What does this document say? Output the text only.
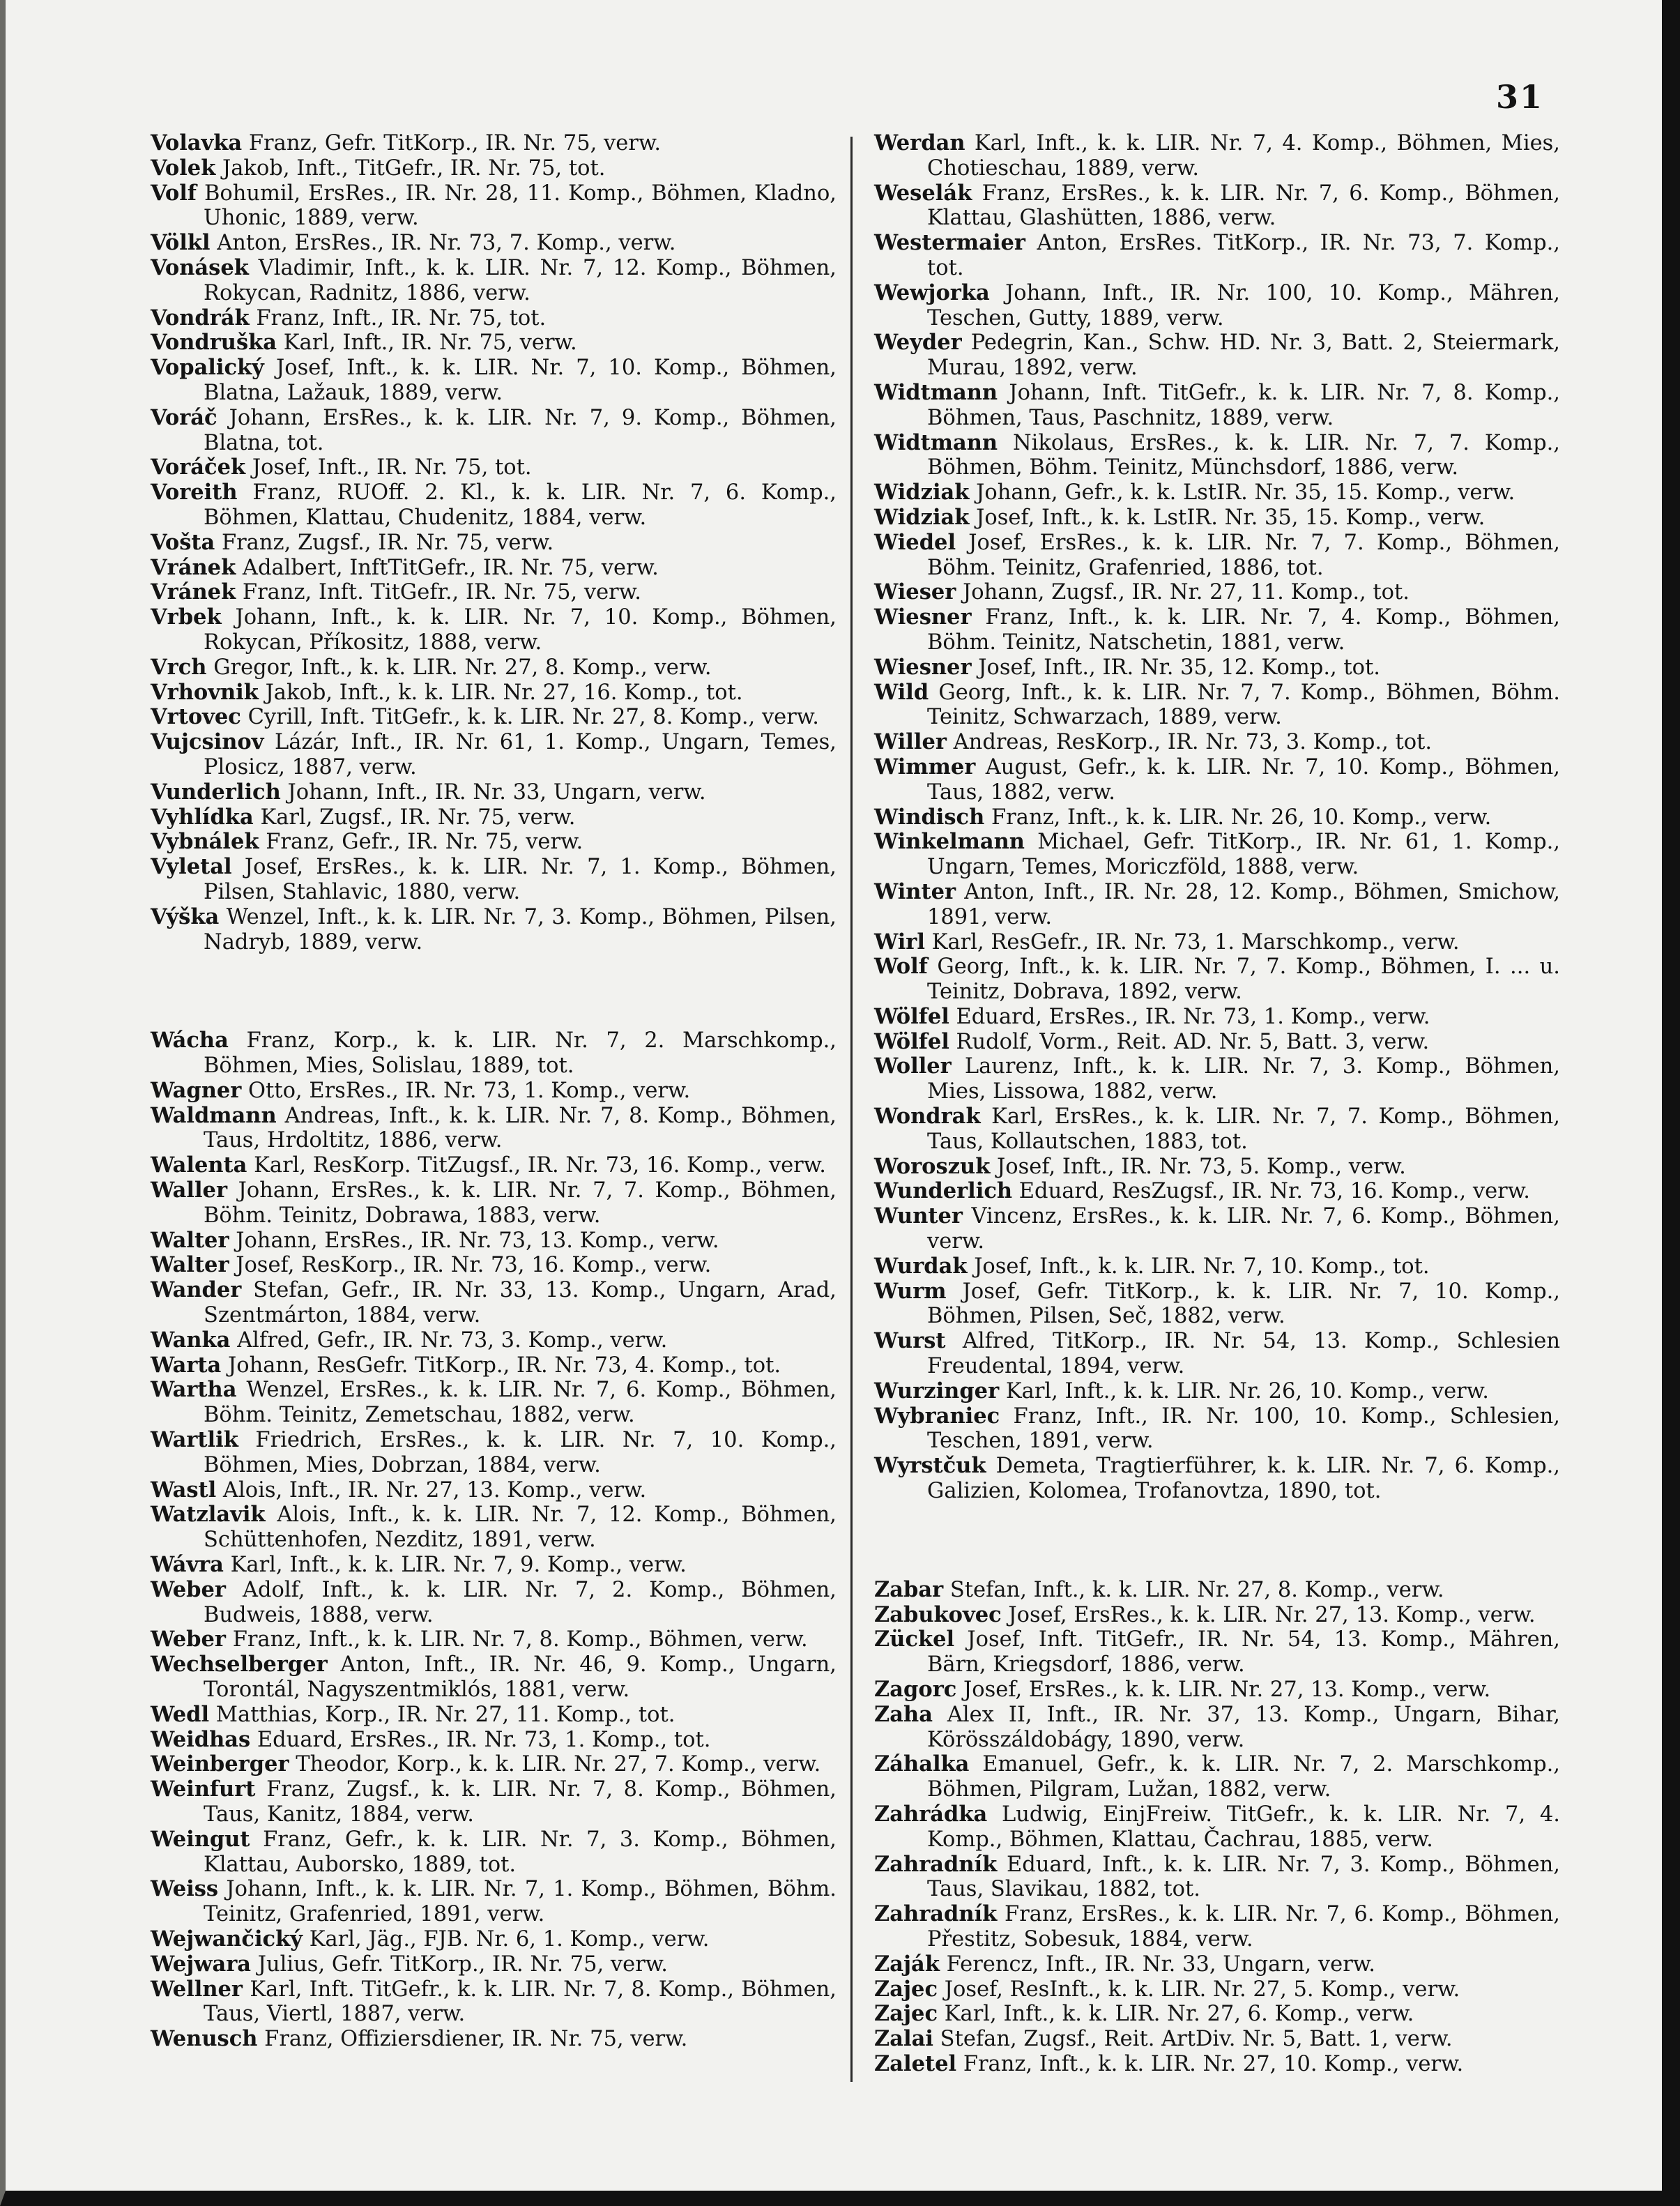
31

Volavka Franz, Gefr. TitKorp., IR. Nr. 75, verw.

Volek Jakob, Inft., TitGefr., IR. Nr. 75, tot.

Volf Bohumil, ErsRes., IR. Nr. 28, 11. Komp., Böhmen, Kladno, Uhonic, 1889, verw.

Völkl Anton, ErsRes., IR. Nr. 73, 7. Komp., verw.

Vonásek Vladimir, Inft., k. k. LIR. Nr. 7, 12. Komp., Böhmen, Rokycan, Radnitz, 1886, verw.

Vondrák Franz, Inft., IR. Nr. 75, tot.

Vondruška Karl, Inft., IR. Nr. 75, verw.

Vopalický Josef, Inft., k. k. LIR. Nr. 7, 10. Komp., Böhmen, Blatna, Lažauk, 1889, verw.

Voráč Johann, ErsRes., k. k. LIR. Nr. 7, 9. Komp., Böhmen, Blatna, tot.

Voráček Josef, Inft., IR. Nr. 75, tot.

Voreith Franz, RUOff. 2. Kl., k. k. LIR. Nr. 7, 6. Komp., Böhmen, Klattau, Chudenitz, 1884, verw.

Vošta Franz, Zugsf., IR. Nr. 75, verw.

Vránek Adalbert, InftTitGefr., IR. Nr. 75, verw.

Vránek Franz, Inft. TitGefr., IR. Nr. 75, verw.

Vrbek Johann, Inft., k. k. LIR. Nr. 7, 10. Komp., Böhmen, Rokycan, Příkositz, 1888, verw.

Vrch Gregor, Inft., k. k. LIR. Nr. 27, 8. Komp., verw.

Vrhovnik Jakob, Inft., k. k. LIR. Nr. 27, 16. Komp., tot.

Vrtovec Cyrill, Inft. TitGefr., k. k. LIR. Nr. 27, 8. Komp., verw.

Vujcsinov Lázár, Inft., IR. Nr. 61, 1. Komp., Ungarn, Temes, Plosicz, 1887, verw.

Vunderlich Johann, Inft., IR. Nr. 33, Ungarn, verw.

Vyhlídka Karl, Zugsf., IR. Nr. 75, verw.

Vybnálek Franz, Gefr., IR. Nr. 75, verw.

Vyletal Josef, ErsRes., k. k. LIR. Nr. 7, 1. Komp., Böhmen, Pilsen, Stahlavic, 1880, verw.

Výška Wenzel, Inft., k. k. LIR. Nr. 7, 3. Komp., Böhmen, Pilsen, Nadryb, 1889, verw.

Wácha Franz, Korp., k. k. LIR. Nr. 7, 2. Marschkomp., Böhmen, Mies, Solislau, 1889, tot.

Wagner Otto, ErsRes., IR. Nr. 73, 1. Komp., verw.

Waldmann Andreas, Inft., k. k. LIR. Nr. 7, 8. Komp., Böhmen, Taus, Hrdoltitz, 1886, verw.

Walenta Karl, ResKorp. TitZugsf., IR. Nr. 73, 16. Komp., verw.

Waller Johann, ErsRes., k. k. LIR. Nr. 7, 7. Komp., Böhmen, Böhm. Teinitz, Dobrawa, 1883, verw.

Walter Johann, ErsRes., IR. Nr. 73, 13. Komp., verw.

Walter Josef, ResKorp., IR. Nr. 73, 16. Komp., verw.

Wander Stefan, Gefr., IR. Nr. 33, 13. Komp., Ungarn, Arad, Szentmárton, 1884, verw.

Wanka Alfred, Gefr., IR. Nr. 73, 3. Komp., verw.

Warta Johann, ResGefr. TitKorp., IR. Nr. 73, 4. Komp., tot.

Wartha Wenzel, ErsRes., k. k. LIR. Nr. 7, 6. Komp., Böhmen, Böhm. Teinitz, Zemetschau, 1882, verw.

Wartlik Friedrich, ErsRes., k. k. LIR. Nr. 7, 10. Komp., Böhmen, Mies, Dobrzan, 1884, verw.

Wastl Alois, Inft., IR. Nr. 27, 13. Komp., verw.

Watzlavik Alois, Inft., k. k. LIR. Nr. 7, 12. Komp., Böhmen, Schüttenhofen, Nezditz, 1891, verw.

Wávra Karl, Inft., k. k. LIR. Nr. 7, 9. Komp., verw.

Weber Adolf, Inft., k. k. LIR. Nr. 7, 2. Komp., Böhmen, Budweis, 1888, verw.

Weber Franz, Inft., k. k. LIR. Nr. 7, 8. Komp., Böhmen, verw.

Wechselberger Anton, Inft., IR. Nr. 46, 9. Komp., Ungarn, Torontál, Nagyszentmiklós, 1881, verw.

Wedl Matthias, Korp., IR. Nr. 27, 11. Komp., tot.

Weidhas Eduard, ErsRes., IR. Nr. 73, 1. Komp., tot.

Weinberger Theodor, Korp., k. k. LIR. Nr. 27, 7. Komp., verw.

Weinfurt Franz, Zugsf., k. k. LIR. Nr. 7, 8. Komp., Böhmen, Taus, Kanitz, 1884, verw.

Weingut Franz, Gefr., k. k. LIR. Nr. 7, 3. Komp., Böhmen, Klattau, Auborsko, 1889, tot.

Weiss Johann, Inft., k. k. LIR. Nr. 7, 1. Komp., Böhmen, Böhm. Teinitz, Grafenried, 1891, verw.

Wejwančický Karl, Jäg., FJB. Nr. 6, 1. Komp., verw.

Wejwara Julius, Gefr. TitKorp., IR. Nr. 75, verw.

Wellner Karl, Inft. TitGefr., k. k. LIR. Nr. 7, 8. Komp., Böhmen, Taus, Viertl, 1887, verw.

Wenusch Franz, Offiziersdiener, IR. Nr. 75, verw.

Werdan Karl, Inft., k. k. LIR. Nr. 7, 4. Komp., Böhmen, Mies, Chotieschau, 1889, verw.

Weselák Franz, ErsRes., k. k. LIR. Nr. 7, 6. Komp., Böhmen, Klattau, Glashütten, 1886, verw.

Westermaier Anton, ErsRes. TitKorp., IR. Nr. 73, 7. Komp., tot.

Wewjorka Johann, Inft., IR. Nr. 100, 10. Komp., Mähren, Teschen, Gutty, 1889, verw.

Weyder Pedegrin, Kan., Schw. HD. Nr. 3, Batt. 2, Steiermark, Murau, 1892, verw.

Widtmann Johann, Inft. TitGefr., k. k. LIR. Nr. 7, 8. Komp., Böhmen, Taus, Paschnitz, 1889, verw.

Widtmann Nikolaus, ErsRes., k. k. LIR. Nr. 7, 7. Komp., Böhmen, Böhm. Teinitz, Münchsdorf, 1886, verw.

Widziak Johann, Gefr., k. k. LstIR. Nr. 35, 15. Komp., verw.

Widziak Josef, Inft., k. k. LstIR. Nr. 35, 15. Komp., verw.

Wiedel Josef, ErsRes., k. k. LIR. Nr. 7, 7. Komp., Böhmen, Böhm. Teinitz, Grafenried, 1886, tot.

Wieser Johann, Zugsf., IR. Nr. 27, 11. Komp., tot.

Wiesner Franz, Inft., k. k. LIR. Nr. 7, 4. Komp., Böhmen, Böhm. Teinitz, Natschetin, 1881, verw.

Wiesner Josef, Inft., IR. Nr. 35, 12. Komp., tot.

Wild Georg, Inft., k. k. LIR. Nr. 7, 7. Komp., Böhmen, Böhm. Teinitz, Schwarzach, 1889, verw.

Willer Andreas, ResKorp., IR. Nr. 73, 3. Komp., tot.

Wimmer August, Gefr., k. k. LIR. Nr. 7, 10. Komp., Böhmen, Taus, 1882, verw.

Windisch Franz, Inft., k. k. LIR. Nr. 26, 10. Komp., verw.

Winkelmann Michael, Gefr. TitKorp., IR. Nr. 61, 1. Komp., Ungarn, Temes, Moriczföld, 1888, verw.

Winter Anton, Inft., IR. Nr. 28, 12. Komp., Böhmen, Smichow, 1891, verw.

Wirl Karl, ResGefr., IR. Nr. 73, 1. Marschkomp., verw.

Wolf Georg, Inft., k. k. LIR. Nr. 7, 7. Komp., Böhmen, I. ... u. Teinitz, Dobrava, 1892, verw.

Wölfel Eduard, ErsRes., IR. Nr. 73, 1. Komp., verw.

Wölfel Rudolf, Vorm., Reit. AD. Nr. 5, Batt. 3, verw.

Woller Laurenz, Inft., k. k. LIR. Nr. 7, 3. Komp., Böhmen, Mies, Lissowa, 1882, verw.

Wondrak Karl, ErsRes., k. k. LIR. Nr. 7, 7. Komp., Böhmen, Taus, Kollautschen, 1883, tot.

Woroszuk Josef, Inft., IR. Nr. 73, 5. Komp., verw.

Wunderlich Eduard, ResZugsf., IR. Nr. 73, 16. Komp., verw.

Wunter Vincenz, ErsRes., k. k. LIR. Nr. 7, 6. Komp., Böhmen, verw.

Wurdak Josef, Inft., k. k. LIR. Nr. 7, 10. Komp., tot.

Wurm Josef, Gefr. TitKorp., k. k. LIR. Nr. 7, 10. Komp., Böhmen, Pilsen, Seč, 1882, verw.

Wurst Alfred, TitKorp., IR. Nr. 54, 13. Komp., Schlesien Freudental, 1894, verw.

Wurzinger Karl, Inft., k. k. LIR. Nr. 26, 10. Komp., verw.

Wybraniec Franz, Inft., IR. Nr. 100, 10. Komp., Schlesien, Teschen, 1891, verw.

Wyrstčuk Demeta, Tragtierführer, k. k. LIR. Nr. 7, 6. Komp., Galizien, Kolomea, Trofanovtza, 1890, tot.

Zabar Stefan, Inft., k. k. LIR. Nr. 27, 8. Komp., verw.

Zabukovec Josef, ErsRes., k. k. LIR. Nr. 27, 13. Komp., verw.

Zückel Josef, Inft. TitGefr., IR. Nr. 54, 13. Komp., Mähren, Bärn, Kriegsdorf, 1886, verw.

Zagorc Josef, ErsRes., k. k. LIR. Nr. 27, 13. Komp., verw.

Zaha Alex II, Inft., IR. Nr. 37, 13. Komp., Ungarn, Bihar, Körösszáldobágy, 1890, verw.

Záhalka Emanuel, Gefr., k. k. LIR. Nr. 7, 2. Marschkomp., Böhmen, Pilgram, Lužan, 1882, verw.

Zahrádka Ludwig, EinjFreiw. TitGefr., k. k. LIR. Nr. 7, 4. Komp., Böhmen, Klattau, Čachrau, 1885, verw.

Zahradník Eduard, Inft., k. k. LIR. Nr. 7, 3. Komp., Böhmen, Taus, Slavikau, 1882, tot.

Zahradník Franz, ErsRes., k. k. LIR. Nr. 7, 6. Komp., Böhmen, Přestitz, Sobesuk, 1884, verw.

Zaják Ferencz, Inft., IR. Nr. 33, Ungarn, verw.

Zajec Josef, ResInft., k. k. LIR. Nr. 27, 5. Komp., verw.

Zajec Karl, Inft., k. k. LIR. Nr. 27, 6. Komp., verw.

Zalai Stefan, Zugsf., Reit. ArtDiv. Nr. 5, Batt. 1, verw.

Zaletel Franz, Inft., k. k. LIR. Nr. 27, 10. Komp., verw.
